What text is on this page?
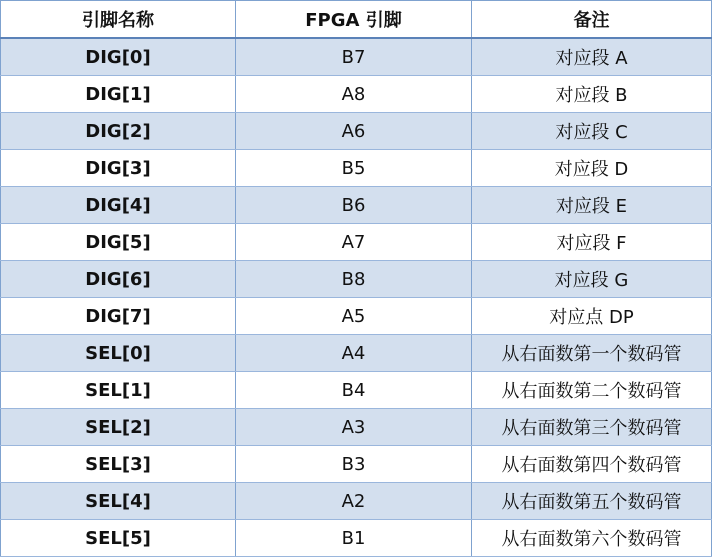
引脚名称	FPGA 引脚	备注
DIG[0]	B7	对应段 A
DIG[1]	A8	对应段 B
DIG[2]	A6	对应段 C
DIG[3]	B5	对应段 D
DIG[4]	B6	对应段 E
DIG[5]	A7	对应段 F
DIG[6]	B8	对应段 G
DIG[7]	A5	对应点 DP
SEL[0]	A4	从右面数第一个数码管
SEL[1]	B4	从右面数第二个数码管
SEL[2]	A3	从右面数第三个数码管
SEL[3]	B3	从右面数第四个数码管
SEL[4]	A2	从右面数第五个数码管
SEL[5]	B1	从右面数第六个数码管
